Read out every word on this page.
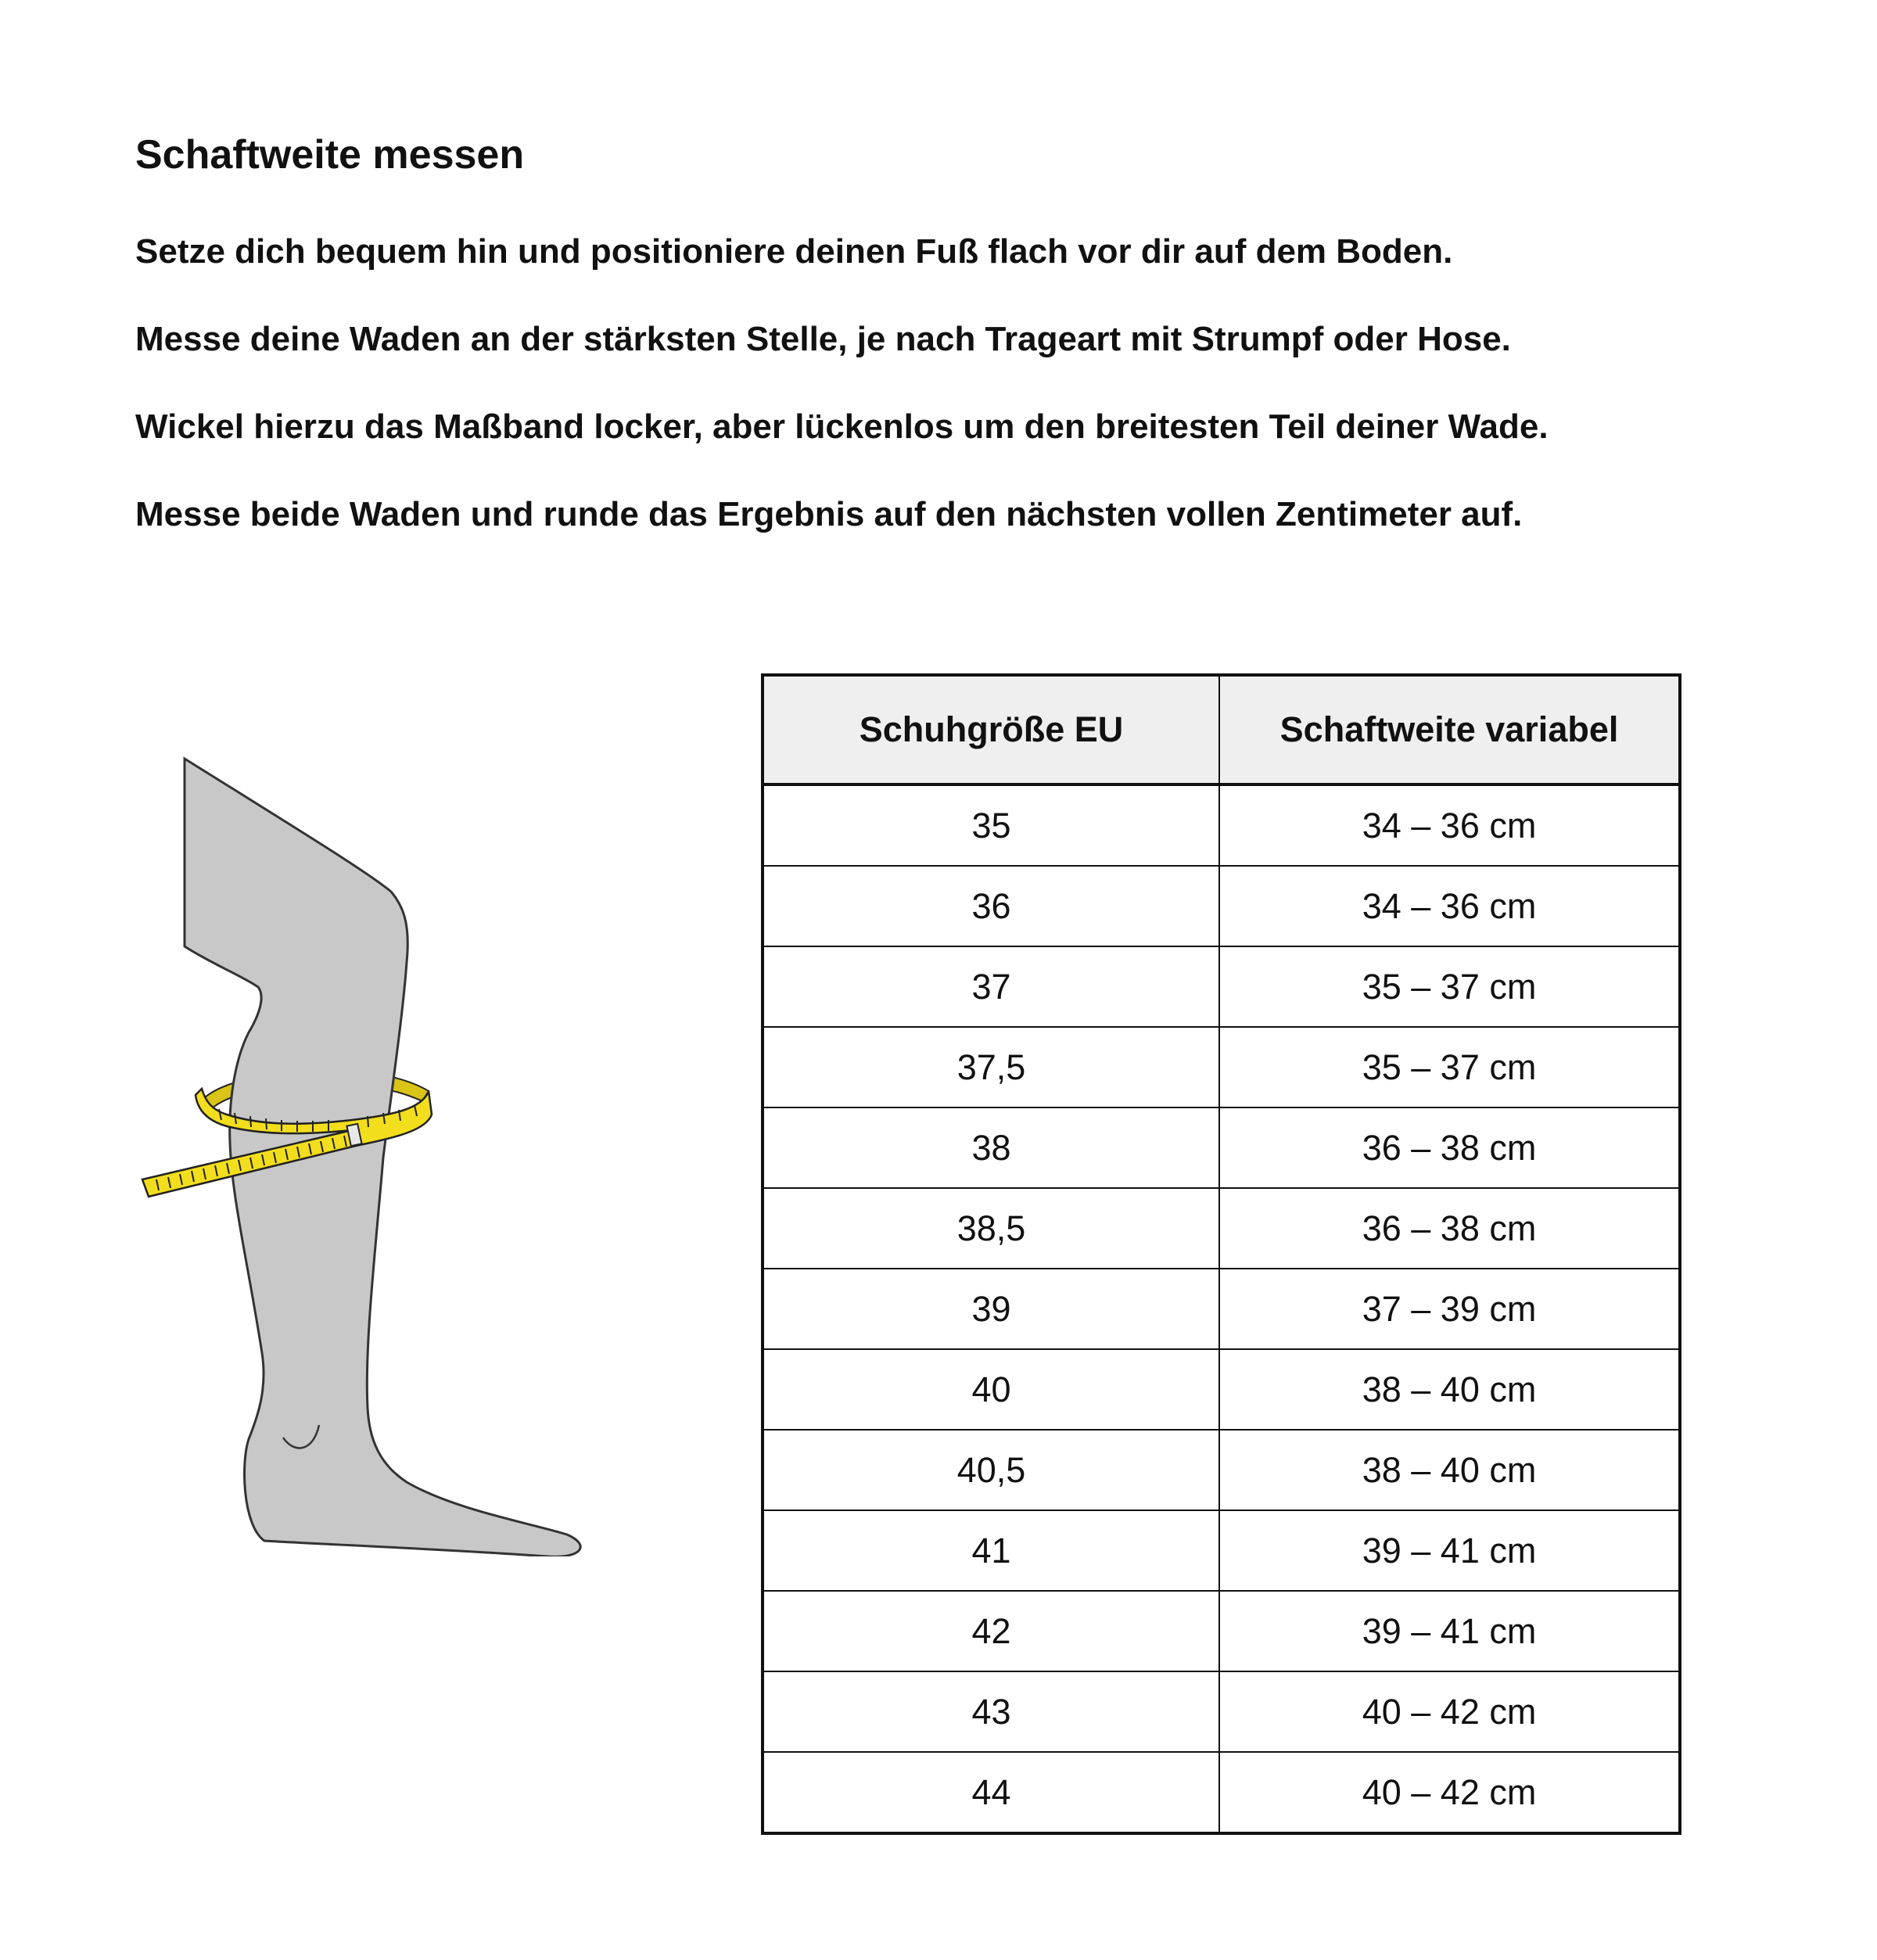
Schaftweite messen

Setze dich bequem hin und positioniere deinen Fuß flach vor dir auf dem Boden.

Messe deine Waden an der stärksten Stelle, je nach Trageart mit Strumpf oder Hose.

Wickel hierzu das Maßband locker, aber lückenlos um den breitesten Teil deiner Wade.

Messe beide Waden und runde das Ergebnis auf den nächsten vollen Zentimeter auf.

Schuhgröße EU	Schaftweite variabel
35	34 – 36 cm
36	34 – 36 cm
37	35 – 37 cm
37,5	35 – 37 cm
38	36 – 38 cm
38,5	36 – 38 cm
39	37 – 39 cm
40	38 – 40 cm
40,5	38 – 40 cm
41	39 – 41 cm
42	39 – 41 cm
43	40 – 42 cm
44	40 – 42 cm
